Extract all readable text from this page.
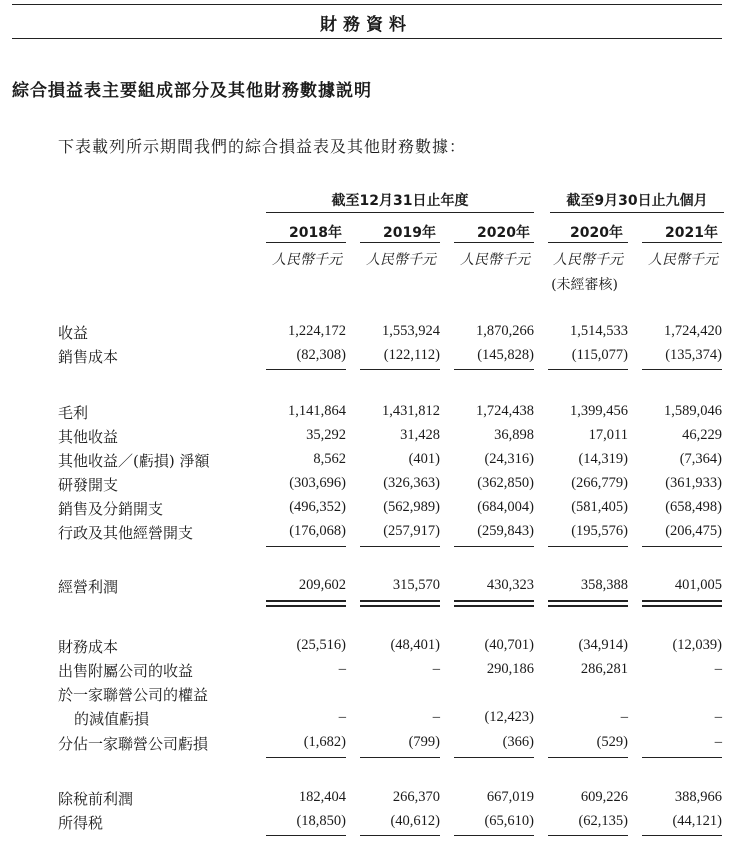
財務資料
綜合損益表主要組成部分及其他財務數據説明
下表載列所示期間我們的綜合損益表及其他財務數據：
截至12月31日止年度	截至9月30日止九個月
2018年	2019年	2020年	2020年	2021年
人民幣千元	人民幣千元	人民幣千元	人民幣千元	人民幣千元
(未經審核)
收益	1,224,172	1,553,924	1,870,266	1,514,533	1,724,420
銷售成本	(82,308)	(122,112)	(145,828)	(115,077)	(135,374)
毛利	1,141,864	1,431,812	1,724,438	1,399,456	1,589,046
其他收益	35,292	31,428	36,898	17,011	46,229
其他收益／(虧損) 淨額	8,562	(401)	(24,316)	(14,319)	(7,364)
研發開支	(303,696)	(326,363)	(362,850)	(266,779)	(361,933)
銷售及分銷開支	(496,352)	(562,989)	(684,004)	(581,405)	(658,498)
行政及其他經營開支	(176,068)	(257,917)	(259,843)	(195,576)	(206,475)
經營利潤	209,602	315,570	430,323	358,388	401,005
財務成本	(25,516)	(48,401)	(40,701)	(34,914)	(12,039)
出售附屬公司的收益	–	–	290,186	286,281	–
於一家聯營公司的權益
的減值虧損	–	–	(12,423)	–	–
分佔一家聯營公司虧損	(1,682)	(799)	(366)	(529)	–
除稅前利潤	182,404	266,370	667,019	609,226	388,966
所得税	(18,850)	(40,612)	(65,610)	(62,135)	(44,121)
